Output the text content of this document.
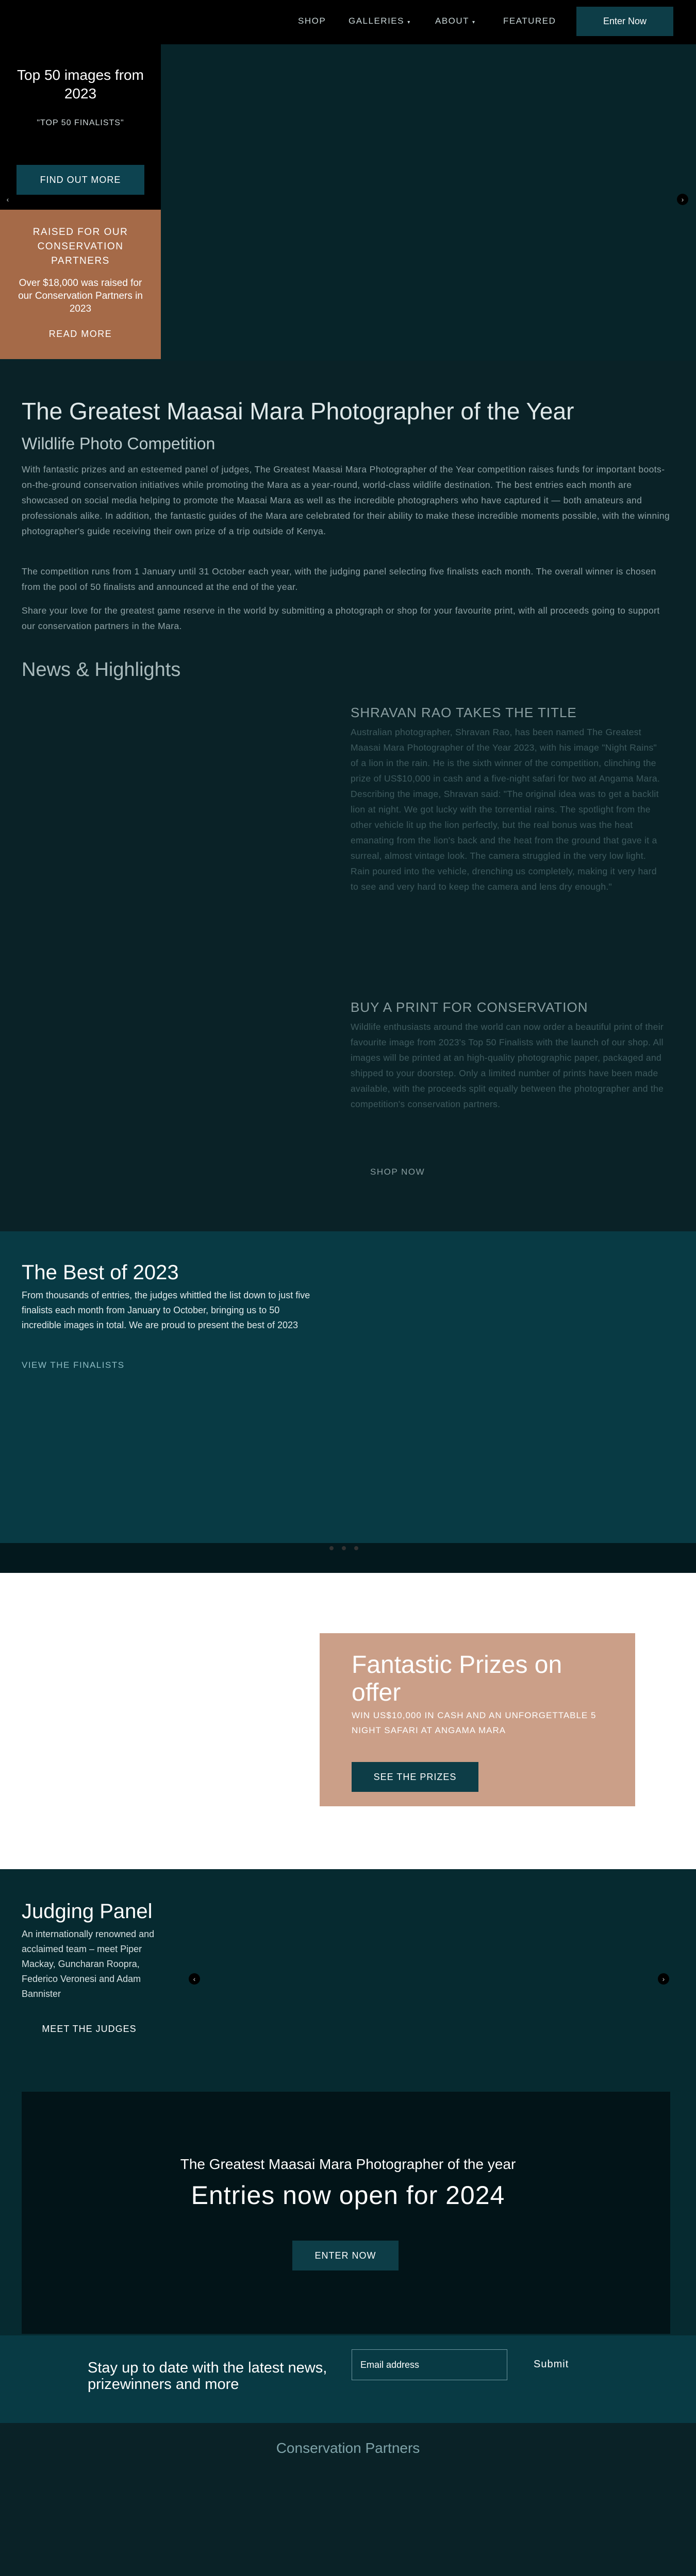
SHOP	GALLERIES ▾	ABOUT ▾	FEATURED	Enter Now
Top 50 images from 2023
"TOP 50 FINALISTS"
FIND OUT MORE
‹	›
RAISED FOR OUR CONSERVATION PARTNERS
Over $18,000 was raised for our Conservation Partners in 2023
READ MORE
The Greatest Maasai Mara Photographer of the Year
Wildlife Photo Competition

With fantastic prizes and an esteemed panel of judges, The Greatest Maasai Mara Photographer of the Year competition raises funds for important boots-on-the-ground conservation initiatives while promoting the Mara as a year-round, world-class wildlife destination. The best entries each month are showcased on social media helping to promote the Maasai Mara as well as the incredible photographers who have captured it — both amateurs and professionals alike. In addition, the fantastic guides of the Mara are celebrated for their ability to make these incredible moments possible, with the winning photographer's guide receiving their own prize of a trip outside of Kenya.

The competition runs from 1 January until 31 October each year, with the judging panel selecting five finalists each month. The overall winner is chosen from the pool of 50 finalists and announced at the end of the year.

Share your love for the greatest game reserve in the world by submitting a photograph or shop for your favourite print, with all proceeds going to support our conservation partners in the Mara.

News & Highlights
SHRAVAN RAO TAKES THE TITLE

Australian photographer, Shravan Rao, has been named The Greatest Maasai Mara Photographer of the Year 2023, with his image "Night Rains" of a lion in the rain. He is the sixth winner of the competition, clinching the prize of US$10,000 in cash and a five-night safari for two at Angama Mara. Describing the image, Shravan said: "The original idea was to get a backlit lion at night. We got lucky with the torrential rains. The spotlight from the other vehicle lit up the lion perfectly, but the real bonus was the heat emanating from the lion's back and the heat from the ground that gave it a surreal, almost vintage look. The camera struggled in the very low light. Rain poured into the vehicle, drenching us completely, making it very hard to see and very hard to keep the camera and lens dry enough."

BUY A PRINT FOR CONSERVATION

Wildlife enthusiasts around the world can now order a beautiful print of their favourite image from 2023's Top 50 Finalists with the launch of our shop. All images will be printed at an high-quality photographic paper, packaged and shipped to your doorstep. Only a limited number of prints have been made available, with the proceeds split equally between the photographer and the competition's conservation partners.

SHOP NOW
The Best of 2023

From thousands of entries, the judges whittled the list down to just five finalists each month from January to October, bringing us to 50 incredible images in total. We are proud to present the best of 2023

VIEW THE FINALISTS
Fantastic Prizes on offer

WIN US$10,000 IN CASH AND AN UNFORGETTABLE 5 NIGHT SAFARI AT ANGAMA MARA

SEE THE PRIZES
Judging Panel

An internationally renowned and acclaimed team – meet Piper Mackay, Guncharan Roopra, Federico Veronesi and Adam Bannister

MEET THE JUDGES
‹	›
The Greatest Maasai Mara Photographer of the year
Entries now open for 2024
ENTER NOW
Stay up to date with the latest news, prizewinners and more
Email address	Submit
Conservation Partners
